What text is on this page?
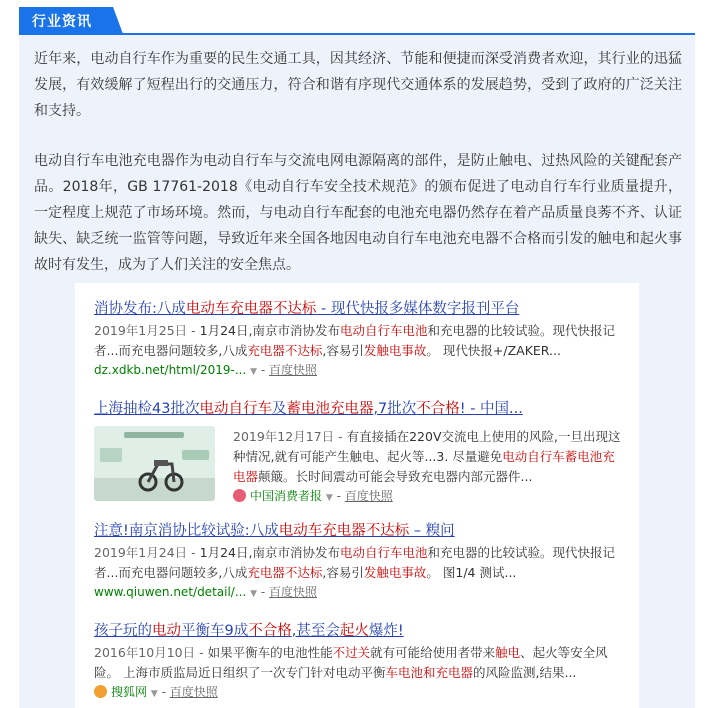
行业资讯

近年来，电动自行车作为重要的民生交通工具，因其经济、节能和便捷而深受消费者欢迎，其行业的迅猛发展，有效缓解了短程出行的交通压力，符合和谐有序现代交通体系的发展趋势，受到了政府的广泛关注和支持。

电动自行车电池充电器作为电动自行车与交流电网电源隔离的部件，是防止触电、过热风险的关键配套产品。2018年，GB 17761-2018《电动自行车安全技术规范》的颁布促进了电动自行车行业质量提升，一定程度上规范了市场环境。然而，与电动自行车配套的电池充电器仍然存在着产品质量良莠不齐、认证缺失、缺乏统一监管等问题，导致近年来全国各地因电动自行车电池充电器不合格而引发的触电和起火事故时有发生，成为了人们关注的安全焦点。

消协发布:八成电动车充电器不达标 - 现代快报多媒体数字报刊平台
2019年1月25日 - 1月24日,南京市消协发布电动自行车电池和充电器的比较试验。现代快报记
者...而充电器问题较多,八成充电器不达标,容易引发触电事故。 现代快报+/ZAKER...
dz.xdkb.net/html/2019-... ▼ - 百度快照
上海抽检43批次电动自行车及蓄电池充电器,7批次不合格! - 中国...
2019年12月17日 - 有直接插在220V交流电上使用的风险,一旦出现这
种情况,就有可能产生触电、起火等...3. 尽量避免电动自行车蓄电池充
电器颠簸。长时间震动可能会导致充电器内部元器件...
中国消费者报 ▼ - 百度快照
注意!南京消协比较试验:八成电动车充电器不达标 – 糗问
2019年1月24日 - 1月24日,南京市消协发布电动自行车电池和充电器的比较试验。现代快报记
者...而充电器问题较多,八成充电器不达标,容易引发触电事故。 图1/4 测试...
www.qiuwen.net/detail/... ▼ - 百度快照
孩子玩的电动平衡车9成不合格,甚至会起火爆炸!
2016年10月10日 - 如果平衡车的电池性能不过关就有可能给使用者带来触电、起火等安全风
险。 上海市质监局近日组织了一次专门针对电动平衡车电池和充电器的风险监测,结果...
搜狐网 ▼ - 百度快照
